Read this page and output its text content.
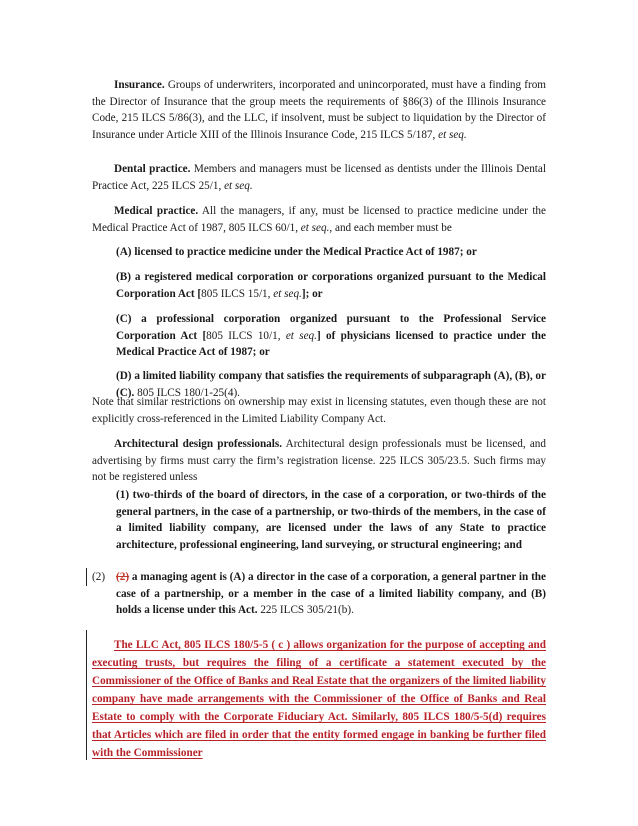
Insurance. Groups of underwriters, incorporated and unincorporated, must have a finding from the Director of Insurance that the group meets the requirements of §86(3) of the Illinois Insurance Code, 215 ILCS 5/86(3), and the LLC, if insolvent, must be subject to liquidation by the Director of Insurance under Article XIII of the Illinois Insurance Code, 215 ILCS 5/187, et seq.

Dental practice. Members and managers must be licensed as dentists under the Illinois Dental Practice Act, 225 ILCS 25/1, et seq.

Medical practice. All the managers, if any, must be licensed to practice medicine under the Medical Practice Act of 1987, 805 ILCS 60/1, et seq., and each member must be

(A) licensed to practice medicine under the Medical Practice Act of 1987; or

(B) a registered medical corporation or corporations organized pursuant to the Medical Corporation Act [805 ILCS 15/1, et seq.]; or

(C) a professional corporation organized pursuant to the Professional Service Corporation Act [805 ILCS 10/1, et seq.] of physicians licensed to practice under the Medical Practice Act of 1987; or

(D) a limited liability company that satisfies the requirements of subparagraph (A), (B), or (C). 805 ILCS 180/1-25(4).

Note that similar restrictions on ownership may exist in licensing statutes, even though these are not explicitly cross-referenced in the Limited Liability Company Act.

Architectural design professionals. Architectural design professionals must be licensed, and advertising by firms must carry the firm’s registration license. 225 ILCS 305/23.5. Such firms may not be registered unless

(1) two-thirds of the board of directors, in the case of a corporation, or two-thirds of the general partners, in the case of a partnership, or two-thirds of the members, in the case of a limited liability company, are licensed under the laws of any State to practice architecture, professional engineering, land surveying, or structural engineering; and

(2) (2) a managing agent is (A) a director in the case of a corporation, a general partner in the case of a partnership, or a member in the case of a limited liability company, and (B) holds a license under this Act. 225 ILCS 305/21(b).

The LLC Act, 805 ILCS 180/5-5 ( c ) allows organization for the purpose of accepting and executing trusts, but requires the filing of a certificate a statement executed by the Commissioner of the Office of Banks and Real Estate that the organizers of the limited liability company have made arrangements with the Commissioner of the Office of Banks and Real Estate to comply with the Corporate Fiduciary Act. Similarly, 805 ILCS 180/5-5(d) requires that Articles which are filed in order that the entity formed engage in banking be further filed with the Commissioner
